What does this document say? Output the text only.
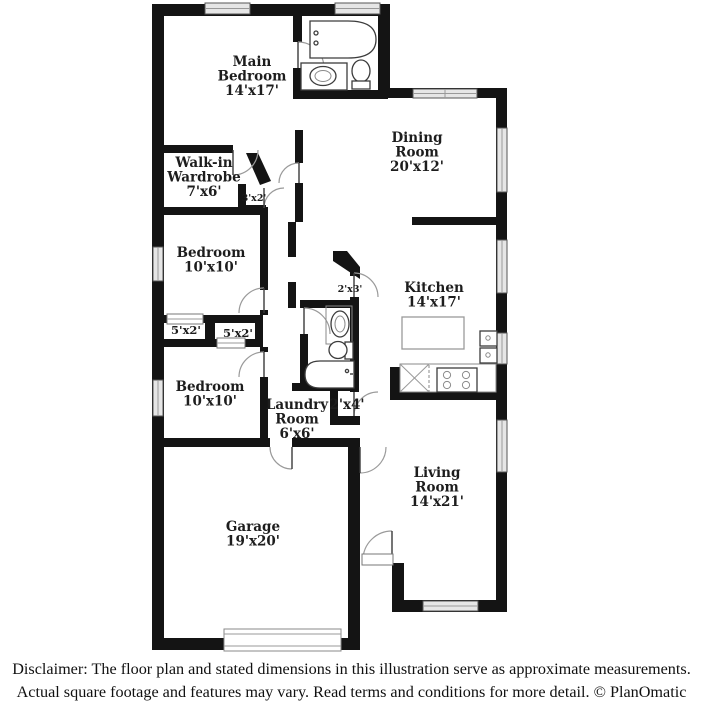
Main Bedroom 14'x17'
Walk-in Wardrobe 7'x6'	3'x2'
Dining Room 20'x12'
Bedroom 10'x10'
Kitchen 14'x17'
2'x3'
5'x2' 5'x2'
Bedroom 10'x10'	Laundry Room 6'x6'
2'x4'
Garage 19'x20'
Living Room 14'x21'
Disclaimer: The floor plan and stated dimensions in this illustration serve as approximate measurements.
Actual square footage and features may vary. Read terms and conditions for more detail. © PlanOmatic
